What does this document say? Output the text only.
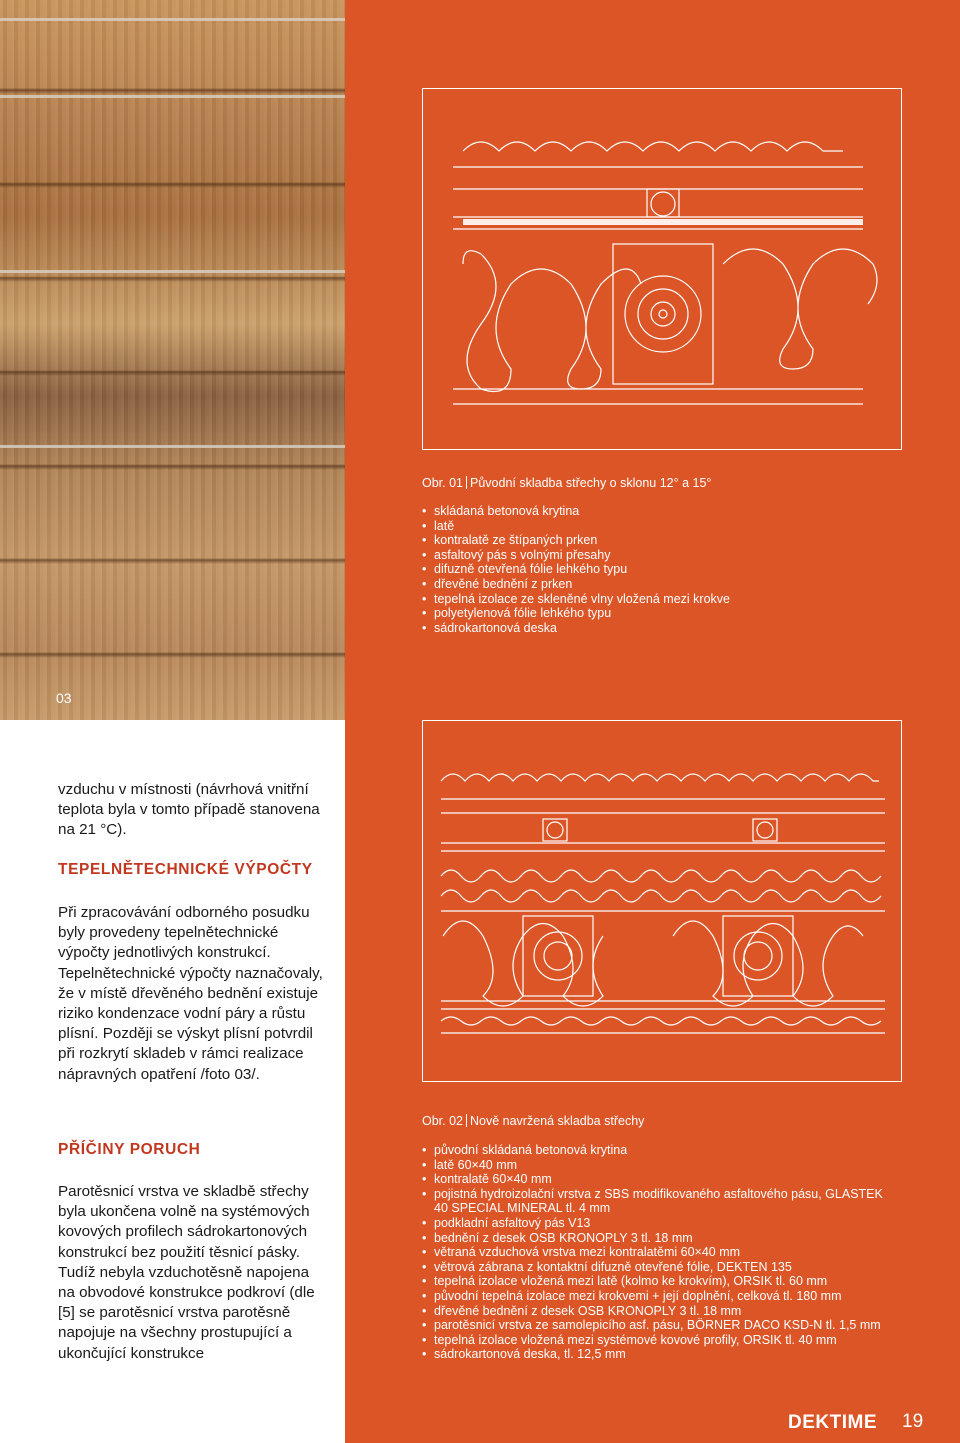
03
Obr. 01 Původní skladba střechy o sklonu 12° a 15°
• skládaná betonová krytina
• latě
• kontralatě ze štípaných prken
• asfaltový pás s volnými přesahy
• difuzně otevřená fólie lehkého typu
• dřevěné bednění z prken
• tepelná izolace ze skleněné vlny vložená mezi krokve
• polyetylenová fólie lehkého typu
• sádrokartonová deska
Obr. 02 Nově navržená skladba střechy
• původní skládaná betonová krytina
• latě 60×40 mm
• kontralatě 60×40 mm
• pojistná hydroizolační vrstva z SBS modifikovaného asfaltového pásu, GLASTEK 40 SPECIAL MINERAL tl. 4 mm
• podkladní asfaltový pás V13
• bednění z desek OSB KRONOPLY 3 tl. 18 mm
• větraná vzduchová vrstva mezi kontralatěmi 60×40 mm
• větrová zábrana z kontaktní difuzně otevřené fólie, DEKTEN 135
• tepelná izolace vložená mezi latě (kolmo ke krokvím), ORSIK tl. 60 mm
• původní tepelná izolace mezi krokvemi + její doplnění, celková tl. 180 mm
• dřevěné bednění z desek OSB KRONOPLY 3 tl. 18 mm
• parotěsnicí vrstva ze samolepicího asf. pásu, BÖRNER DACO KSD-N tl. 1,5 mm
• tepelná izolace vložená mezi systémové kovové profily, ORSIK tl. 40 mm
• sádrokartonová deska, tl. 12,5 mm
vzduchu v místnosti (návrhová vnitřní teplota byla v tomto případě stanovena na 21 °C).
TEPELNĚTECHNICKÉ VÝPOČTY
Při zpracovávání odborného posudku byly provedeny tepelnětechnické výpočty jednotlivých konstrukcí. Tepelnětechnické výpočty naznačovaly, že v místě dřevěného bednění existuje riziko kondenzace vodní páry a růstu plísní. Později se výskyt plísní potvrdil při rozkrytí skladeb v rámci realizace nápravných opatření /foto 03/.
PŘÍČINY PORUCH
Parotěsnicí vrstva ve skladbě střechy byla ukončena volně na systémových kovových profilech sádrokartonových konstrukcí bez použití těsnicí pásky. Tudíž nebyla vzduchotěsně napojena na obvodové konstrukce podkroví (dle [5] se parotěsnicí vrstva parotěsně napojuje na všechny prostupující a ukončující konstrukce
DEKTIME 19
